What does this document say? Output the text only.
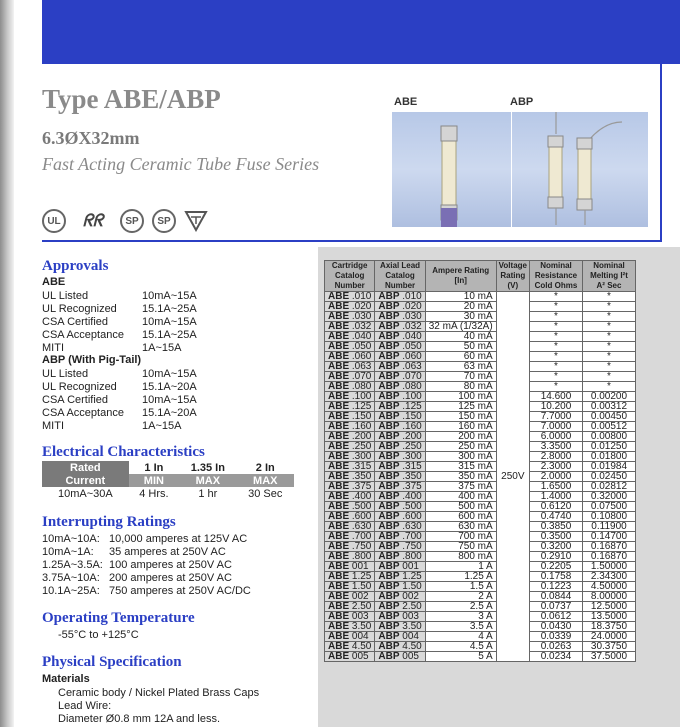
Type ABE/ABP
6.3ØX32mm
Fast Acting Ceramic Tube Fuse Series
UL	ᖇᖇ	SP	SP
ABE	ABP
Approvals
ABE
UL Listed	10mA~15A
UL Recognized 15.1A~25A
CSA Certified	10mA~15A
CSA Acceptance 15.1A~25A
MITI	1A~15A
ABP (With Pig-Tail)
UL Listed	10mA~15A
UL Recognized 15.1A~20A
CSA Certified	10mA~15A
CSA Acceptance 15.1A~20A
MITI	1A~15A
Electrical Characteristics
Rated	1 In	1.35 In	2 In
Current	MIN	MAX	MAX
10mA~30A	4 Hrs.	1 hr	30 Sec
Interrupting Ratings
10mA~10A: 10,000 amperes at 125V AC
10mA~1A: 35 amperes at 250V AC
1.25A~3.5A: 100 amperes at 250V AC
3.75A~10A: 200 amperes at 250V AC
10.1A~25A: 750 amperes at 250V AC/DC
Operating Temperature
-55°C to +125°C
Physical Specification
Materials
Ceramic body / Nickel Plated Brass Caps
Lead Wire:
Diameter Ø0.8 mm 12A and less.
Cartridge Catalog Number	Axial Lead Catalog Number	Ampere Rating [In]	Voltage Rating (V)	Nominal Resistance Cold Ohms	Nominal Melting I²t A² Sec
ABE .010	ABP .010	10 mA	250V	*	*
ABE .020	ABP .020	20 mA		*	*
ABE .030	ABP .030	30 mA		*	*
ABE .032	ABP .032	32 mA (1/32A)		*	*
ABE .040	ABP .040	40 mA		*	*
ABE .050	ABP .050	50 mA		*	*
ABE .060	ABP .060	60 mA		*	*
ABE .063	ABP .063	63 mA		*	*
ABE .070	ABP .070	70 mA		*	*
ABE .080	ABP .080	80 mA		*	*
ABE .100	ABP .100	100 mA		14.600	0.00200
ABE .125	ABP .125	125 mA		10.200	0.00312
ABE .150	ABP .150	150 mA		7.7000	0.00450
ABE .160	ABP .160	160 mA		7.0000	0.00512
ABE .200	ABP .200	200 mA		6.0000	0.00800
ABE .250	ABP .250	250 mA		3.3500	0.01250
ABE .300	ABP .300	300 mA		2.8000	0.01800
ABE .315	ABP .315	315 mA		2.3000	0.01984
ABE .350	ABP .350	350 mA		2.0000	0.02450
ABE .375	ABP .375	375 mA		1.6500	0.02812
ABE .400	ABP .400	400 mA		1.4000	0.32000
ABE .500	ABP .500	500 mA		0.6120	0.07500
ABE .600	ABP .600	600 mA		0.4740	0.10800
ABE .630	ABP .630	630 mA		0.3850	0.11900
ABE .700	ABP .700	700 mA		0.3500	0.14700
ABE .750	ABP .750	750 mA		0.3200	0.16870
ABE .800	ABP .800	800 mA		0.2910	0.16870
ABE 001	ABP 001	1 A		0.2205	1.50000
ABE 1.25	ABP 1.25	1.25 A		0.1758	2.34300
ABE 1.50	ABP 1.50	1.5 A		0.1223	4.50000
ABE 002	ABP 002	2 A		0.0844	8.00000
ABE 2.50	ABP 2.50	2.5 A		0.0737	12.5000
ABE 003	ABP 003	3 A		0.0612	13.5000
ABE 3.50	ABP 3.50	3.5 A		0.0430	18.3750
ABE 004	ABP 004	4 A		0.0339	24.0000
ABE 4.50	ABP 4.50	4.5 A		0.0263	30.3750
ABE 005	ABP 005	5 A		0.0234	37.5000
